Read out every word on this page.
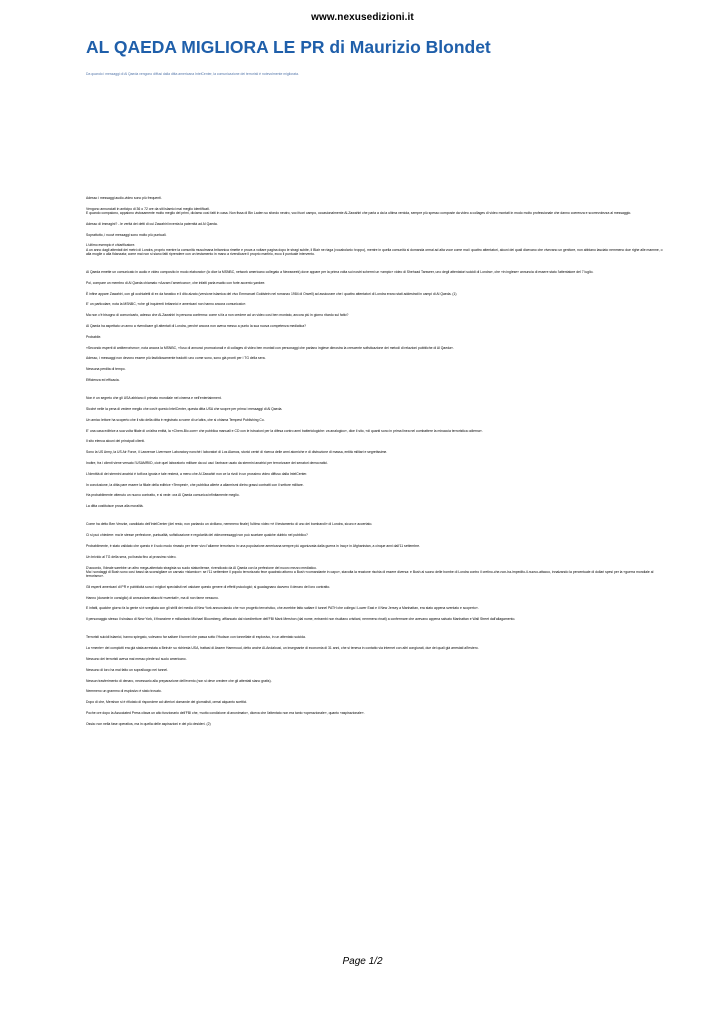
www.nexusedizioni.it
AL QAEDA MIGLIORA LE PR di Maurizio Blondet
Da quando i messaggi di Al Qaeda vengono diffusi dalla ditta americana IntelCenter, la comunicazione dei terroristi è notevolmente migliorata.

Adesso i messaggi audio-video sono più frequenti.

Vengono annunciati in anticipo di 36 o 72 ore da siti islamici mai meglio identificati.
E quando compaiono, appaiono vistosamente molto meglio del primi, diciamo così fatti in casa. Non fissa di Bin Laden su sfondo neutro, voci fuori campo, occasionalmente Al-Zawahiri che parla a da la ultima ventola, sempre più spesso composte da video a collages di video montati in modo molto professionale che danno coerenza e scorrevolezza al messaggio.

Adesso di immagini? - le verità dei detti di cui Zawahiri inventa la paternità ad Al Qaeda.

Soprattutto, i nuovi messaggi sono molto più puntuali.

L'ultimo esempio è chiarificatore.
A un anno dagli attentati dei metrò di Londra, proprio mentre la comunità musulmana britannica rimette e prova a voltare pagina dopo le stragi subite, il Blair ne riaga (vocabolario: troppo), mentre in quella comunità si domanda ormai ad alta voce come mai i quattro attentatori, alcuni dei quali dicevano che vivevano un genitore, non abbiano lasciato nemmeno due righe alle mamme, o alla moglie o alla fidanzata; come mai non si siano fatti riprendere con un testamento in mano a rivendicare il proprio martirio, ecco il puntuale intervento.

Al Qaeda emette un comunicato in audio e video composito in modo elaborato» (lo dice la MSNBC, network americano collegato a Newsweek) dove appare per la prima volta sui nostri schermi un «ampio» video di Shehzad Tanweer, uno degli attentatori suicidi di Londra», che «in inglese» annuncia di essere stato l'attentatore del 7 luglio.

Poi, compare un membro di Al Qaeda chiamato «Azzam l'americano», che infatti parla esatto con forte accento yankee.

È infine appare Zawahiri, con gli occhialetti di ex da fanatico e il dito alzato (versione islamica del vivo Emmanuel Goldstein nel romanzo 1984 di Orwell) ad assicurare che i quattro attentatori di Londra erano stati addestrati in campi di Al Qaeda. (1)

E' un particolare, nota la MSNBC, «che gli inquirenti britannici e americani non hanno ancora comunicato».

Ma non c'è bisogno di comunicarlo, adesso che Al-Zawahiri in persona conferma: come si fa a non credere ad un video così ben montato, ancora più in giorno ritardo sul fatto?

Al Qaeda ha aspettato un anno a rivendicare gli attentati di Londra, perché ancora non aveva messo a punto la sua nuova competenza mediatica?

Probabile.

«Secondo esperti di antiterrorismo», nota ancora la MSNBC, «l'uso di annunci promozionali e di collages di video ben montati con personaggi che parlano inglese dimostra la crescente sofisticazione dei metodi di relazioni pubbliche di Al Qaeda».

Adesso, i messaggi non devono essere più fastidiosamente tradotti: uno come sono, sono già pronti per i TG della sera.

Nessuna perdita di tempo.

Efficienza ed efficacia.

Non è un segreto che gli USA abbiano il primato mondiale nel cinema e nell'entertainment.

Sicché nelle la pena di vedere meglio che cos'è questo IntelCenter, questa ditta USA che scopre per prima i messaggi di Al Qaeda.

Un amico lettore ha scoperto che il sito della ditta è registrato a nome di un'altra, che si chiama Tempest Publishing Co.

E' una casa editrice a sua volta filiale di un'altra entità, la «Chem-Bio.com» che pubblica manuali e CD con le istruzioni per la difesa contro armi batteriologiche: va analogico», dice il sito, «di quanti sono in prima linea nel combattere la minaccia terroristica odierna».

Il sito elenca alcuni dei principali clienti.

Sono la US Army, la US Air Force, il Lawrence Livermore Laboratory nonché i laboratori di Los Alamos, storici centri di ricerca delle armi atomiche e di distruzione di massa, entità militari e segretissime.

Inoltre, fra i clienti viene versato l'USAMRIID, cioè quel laboratorio militare da cui uscì l'antrace usato da stermini anatrici per terrorizzare dei senatori democratici.

L'identità di dei stermini anatrici è tutt'ora ignota e tale resterà, a meno che Al Zawahiri non ce la rivoli in un prossimo video diffuso dalla IntelCenter.

In conclusione, la ditta pare essere la filiale della editrice «Tempest», che pubblica allerte a allarmismi dietro grassi contratti con il settore militare.

Ha probabilmente ottenuto un nuovo contratto, e si vede: ora Al Qaeda comunica infinitamente meglio.

La ditta costituisce prova alla moralità.

Come ha detto Ben Venzke, candidato dell'IntelCenter (del resto, non parlando un civiliano, nemmeno finale) l'ultimo video «è il testamento di uno dei bombaroli» di Londra, sicuro e accertato.

Ci si può chiedere: ma le stesse perfezione, puntualità, sofisticazione e regolarità del videomessaggi non può scartare qualche dubbio nel pubblico?

Probabilmente, è stato validato che questo è il solo modo rimasto per tener vivo l'allarme terrorismo in una popolazione americana sempre più agonizzata dalla guerra in Iraq e in Afghanistan, a cinque anni dall'11 settembre.

Un brivido al TG della sera, poi basta fino al prossimo video.

D'accordo, l'ideale sarebbe un altro mega-attentato stragista su suolo statunitense, rivendicato da Al Qaeda con la perfezione del nuovo mezzo mediatico.
Ma i sondaggi di Bush sono così bassi da sconsigliare un carnaio «islamico»: se l'11 settembre il popolo terrorizzato fece quadrato attorno a Bush «comandante in capo», stavolta la reazione rischia di essere diversa: e Bush al suono delle bombe di Londra contro il cretino-che-non-ha-impedito-il-nuovo-attacco, innalzando la percentuale di dollari spesi per la «guerra mondiale al terrorismo».

Gli esperti americani di PR e pubblicità sono i migliori specialisti nel valutare questo genere di effetti psicologici; si guadagnano davvero il denaro del loro contratto.

Hanno (durante in consiglio) di annunciare attacchi «sventati», ma di non farne nessuno.

E infatti, qualche giorno fa la gente si è svegliata con gli strilli dei media di New York annunciando che «un progetto terroristico, che avrebbe fatto saltare il tunnel PATH che collega i Lower East e il New Jersey a Manhattan, era stato appena sventato e scoperto».

Il personaggio stesso il sindaco di New York, il finanziere e miliardario Michael Bloomberg, affiancato dal vicedirettore dell'FBI Mark Mershon (dal nome, entrambi non risultano cristiani, nemmeno rinati) a confermare che avevano appena salvato Manhattan e Wall Street dall'allagamento.

Terroristi suicidi islamici, hanno spiegato, volevano far saltare il tunnel che passa sotto l'Hudson con tonnellate di esplosivo, in un attentato suicida.

La «mente» dei complotti era già stata arrestata a Beirut» su richiesta USA, trattasi di Assem Hammoud, detto anche Al-Andalousi, un insegnante di economia di 31 anni, che si teneva in contatto via internet con altri congiurati, due dei quali già arrestati all'estero.

Nessuno dei terroristi aveva mai messo piede sul suolo americano.

Nessuno di loro ha mai fatto un sopralluogo nei tunnel.

Nessun trasferimento di denaro, necessario alla preparazione dell'evento (non si deve credere che gli attentati siano gratis).

Nemmeno un grammo di esplosivo è stato trovato.

Dopo di che, Mershon si è rifiutato di rispondere ad ulteriori domande dei giornalisti, ormai alquanto scettici.

Poche ore dopo la Associated Press citava un alto funzionario dell'FBI che, «sotto condizione di anonimato», diceva che l'attentato non era tanto «operazionale», quanto «aspirazionale».

Ossia: non nella fase operativa, ma in quella delle aspirazioni e dei più desideri. (2)

Page 1/2
